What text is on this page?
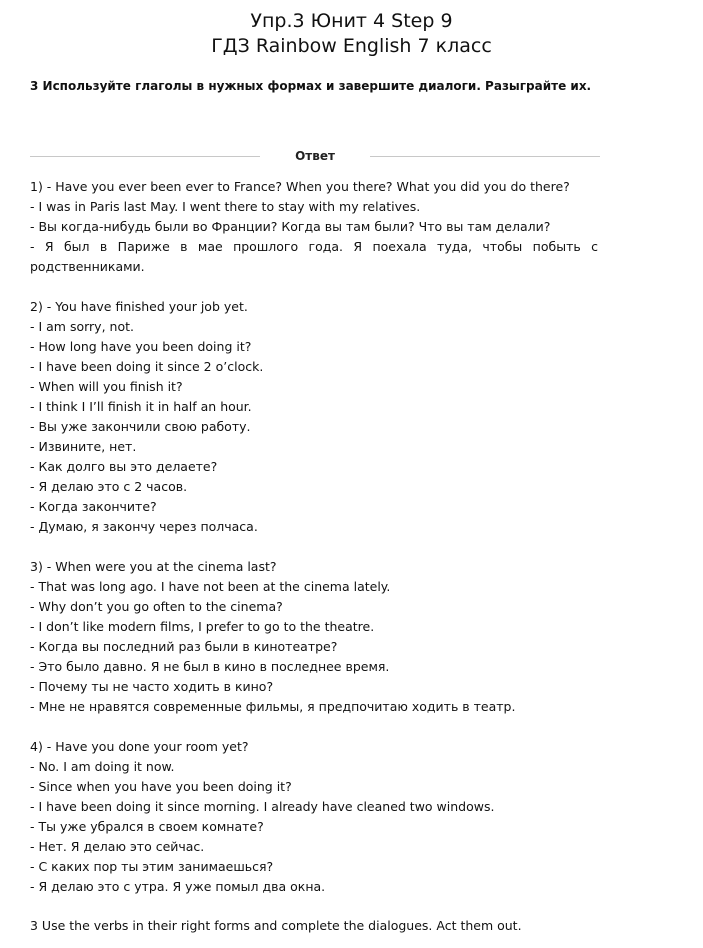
Упр.3 Юнит 4 Step 9
ГДЗ Rainbow English 7 класс
3 Используйте глаголы в нужных формах и завершите диалоги. Разыграйте их.
Ответ
1) - Have you ever been ever to France? When you there? What you did you do there?
- I was in Paris last May. I went there to stay with my relatives.
- Вы когда-нибудь были во Франции? Когда вы там были? Что вы там делали?
- Я был в Париже в мае прошлого года. Я поехала туда, чтобы побыть с родственниками.
2) - You have finished your job yet.
- I am sorry, not.
- How long have you been doing it?
- I have been doing it since 2 o’clock.
- When will you finish it?
- I think I I’ll finish it in half an hour.
- Вы уже закончили свою работу.
- Извините, нет.
- Как долго вы это делаете?
- Я делаю это с 2 часов.
- Когда закончите?
- Думаю, я закончу через полчаса.
3) - When were you at the cinema last?
- That was long ago. I have not been at the cinema lately.
- Why don’t you go often to the cinema?
- I don’t like modern films, I prefer to go to the theatre.
- Когда вы последний раз были в кинотеатре?
- Это было давно. Я не был в кино в последнее время.
- Почему ты не часто ходить в кино?
- Мне не нравятся современные фильмы, я предпочитаю ходить в театр.
4) - Have you done your room yet?
- No. I am doing it now.
- Since when you have you been doing it?
- I have been doing it since morning. I already have cleaned two windows.
- Ты уже убрался в своем комнате?
- Нет. Я делаю это сейчас.
- С каких пор ты этим занимаешься?
- Я делаю это с утра. Я уже помыл два окна.
3 Use the verbs in their right forms and complete the dialogues. Act them out.
